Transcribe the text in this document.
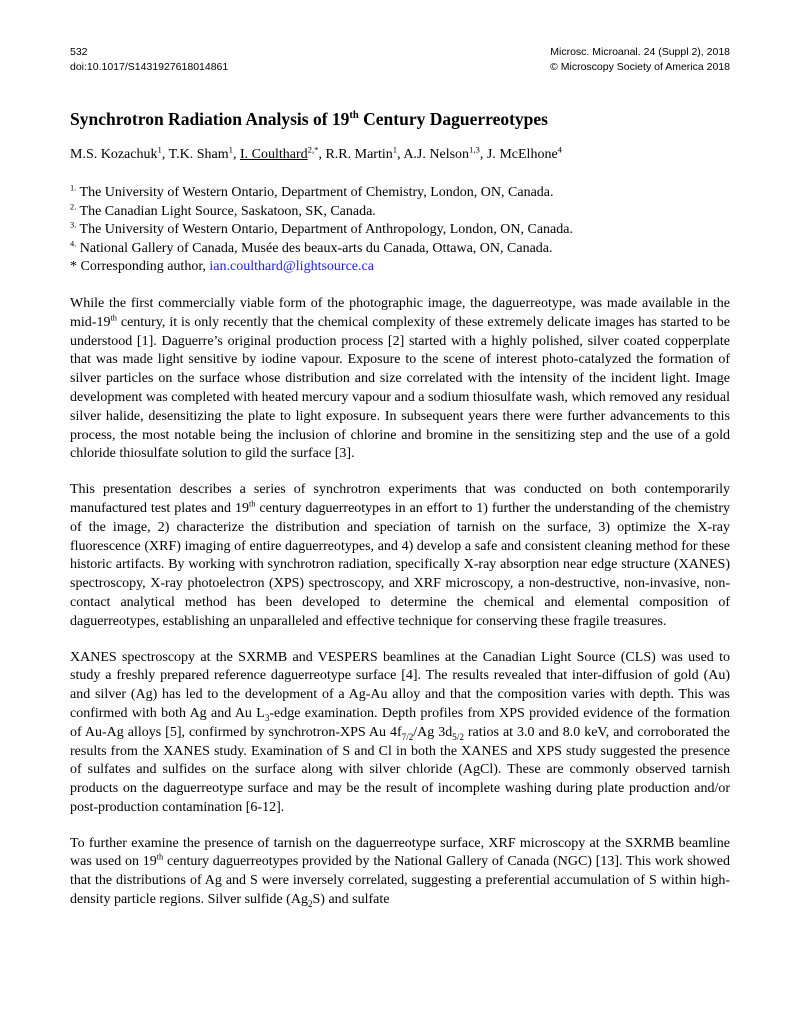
532
doi:10.1017/S1431927618014861
Microsc. Microanal. 24 (Suppl 2), 2018
© Microscopy Society of America 2018
Synchrotron Radiation Analysis of 19th Century Daguerreotypes
M.S. Kozachuk$^1$, T.K. Sham$^1$, I. Coulthard$^{2,*}$, R.R. Martin$^1$, A.J. Nelson$^{1,3}$, J. McElhone$^4$
$^{1.}$ The University of Western Ontario, Department of Chemistry, London, ON, Canada.
$^{2.}$ The Canadian Light Source, Saskatoon, SK, Canada.
$^{3.}$ The University of Western Ontario, Department of Anthropology, London, ON, Canada.
$^{4.}$ National Gallery of Canada, Musée des beaux-arts du Canada, Ottawa, ON, Canada.
* Corresponding author, ian.coulthard@lightsource.ca

While the first commercially viable form of the photographic image, the daguerreotype, was made available in the mid-19th century, it is only recently that the chemical complexity of these extremely delicate images has started to be understood [1]. Daguerre’s original production process [2] started with a highly polished, silver coated copperplate that was made light sensitive by iodine vapour. Exposure to the scene of interest photo-catalyzed the formation of silver particles on the surface whose distribution and size correlated with the intensity of the incident light. Image development was completed with heated mercury vapour and a sodium thiosulfate wash, which removed any residual silver halide, desensitizing the plate to light exposure. In subsequent years there were further advancements to this process, the most notable being the inclusion of chlorine and bromine in the sensitizing step and the use of a gold chloride thiosulfate solution to gild the surface [3].

This presentation describes a series of synchrotron experiments that was conducted on both contemporarily manufactured test plates and 19th century daguerreotypes in an effort to 1) further the understanding of the chemistry of the image, 2) characterize the distribution and speciation of tarnish on the surface, 3) optimize the X-ray fluorescence (XRF) imaging of entire daguerreotypes, and 4) develop a safe and consistent cleaning method for these historic artifacts. By working with synchrotron radiation, specifically X-ray absorption near edge structure (XANES) spectroscopy, X-ray photoelectron (XPS) spectroscopy, and XRF microscopy, a non-destructive, non-invasive, non-contact analytical method has been developed to determine the chemical and elemental composition of daguerreotypes, establishing an unparalleled and effective technique for conserving these fragile treasures.

XANES spectroscopy at the SXRMB and VESPERS beamlines at the Canadian Light Source (CLS) was used to study a freshly prepared reference daguerreotype surface [4]. The results revealed that inter-diffusion of gold (Au) and silver (Ag) has led to the development of a Ag-Au alloy and that the composition varies with depth. This was confirmed with both Ag and Au $L_3$-edge examination. Depth profiles from XPS provided evidence of the formation of Au-Ag alloys [5], confirmed by synchrotron-XPS Au $4f_{7/2}/Ag$ $3d_{5/2}$ ratios at 3.0 and 8.0 keV, and corroborated the results from the XANES study. Examination of S and Cl in both the XANES and XPS study suggested the presence of sulfates and sulfides on the surface along with silver chloride (AgCl). These are commonly observed tarnish products on the daguerreotype surface and may be the result of incomplete washing during plate production and/or post-production contamination [6-12].

To further examine the presence of tarnish on the daguerreotype surface, XRF microscopy at the SXRMB beamline was used on 19th century daguerreotypes provided by the National Gallery of Canada (NGC) [13]. This work showed that the distributions of Ag and S were inversely correlated, suggesting a preferential accumulation of S within high-density particle regions. Silver sulfide $(Ag_2S)$ and sulfate
